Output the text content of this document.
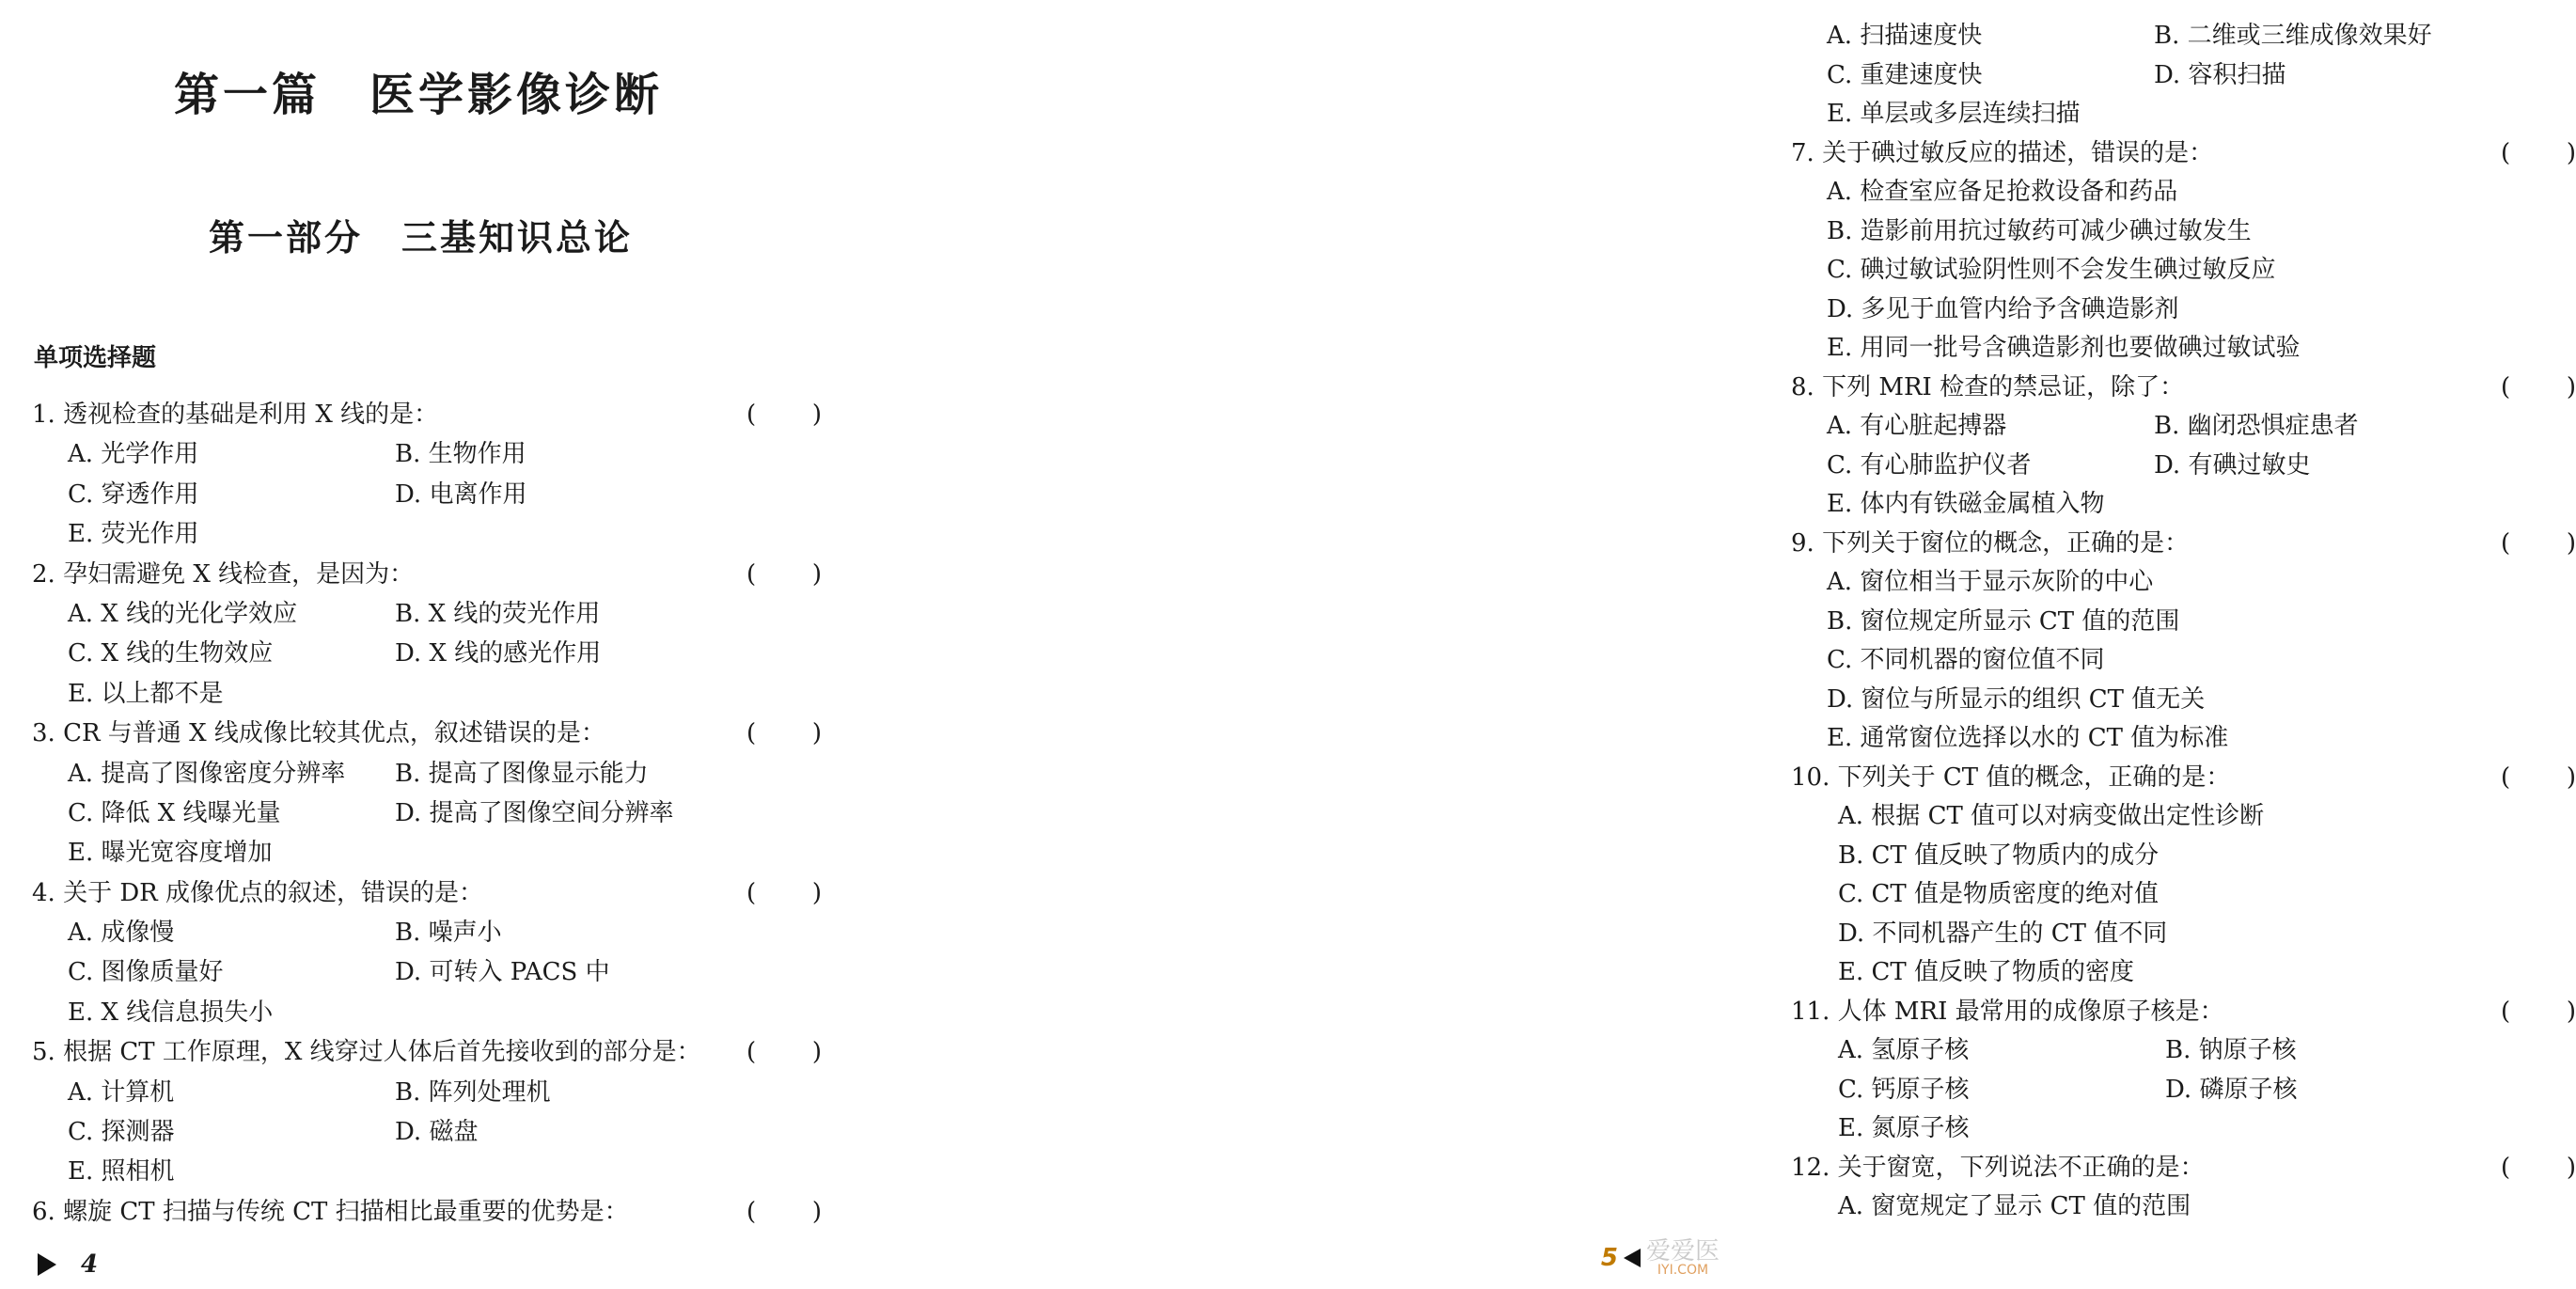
第一篇　医学影像诊断
第一部分　三基知识总论
单项选择题
1. 透视检查的基础是利用 X 线的是：	( )
A. 光学作用	B. 生物作用
C. 穿透作用	D. 电离作用
E. 荧光作用
2. 孕妇需避免 X 线检查，是因为：	( )
A. X 线的光化学效应	B. X 线的荧光作用
C. X 线的生物效应	D. X 线的感光作用
E. 以上都不是
3. CR 与普通 X 线成像比较其优点，叙述错误的是：	( )
A. 提高了图像密度分辨率	B. 提高了图像显示能力
C. 降低 X 线曝光量	D. 提高了图像空间分辨率
E. 曝光宽容度增加
4. 关于 DR 成像优点的叙述，错误的是：	( )
A. 成像慢	B. 噪声小
C. 图像质量好	D. 可转入 PACS 中
E. X 线信息损失小
5. 根据 CT 工作原理，X 线穿过人体后首先接收到的部分是：	( )
A. 计算机	B. 阵列处理机
C. 探测器	D. 磁盘
E. 照相机
6. 螺旋 CT 扫描与传统 CT 扫描相比最重要的优势是：	( )
4
A. 扫描速度快	B. 二维或三维成像效果好
C. 重建速度快	D. 容积扫描
E. 单层或多层连续扫描
7. 关于碘过敏反应的描述，错误的是：	( )
A. 检查室应备足抢救设备和药品
B. 造影前用抗过敏药可减少碘过敏发生
C. 碘过敏试验阴性则不会发生碘过敏反应
D. 多见于血管内给予含碘造影剂
E. 用同一批号含碘造影剂也要做碘过敏试验
8. 下列 MRI 检查的禁忌证，除了：	( )
A. 有心脏起搏器	B. 幽闭恐惧症患者
C. 有心肺监护仪者	D. 有碘过敏史
E. 体内有铁磁金属植入物
9. 下列关于窗位的概念，正确的是：	( )
A. 窗位相当于显示灰阶的中心
B. 窗位规定所显示 CT 值的范围
C. 不同机器的窗位值不同
D. 窗位与所显示的组织 CT 值无关
E. 通常窗位选择以水的 CT 值为标准
10. 下列关于 CT 值的概念，正确的是：	( )
A. 根据 CT 值可以对病变做出定性诊断
B. CT 值反映了物质内的成分
C. CT 值是物质密度的绝对值
D. 不同机器产生的 CT 值不同
E. CT 值反映了物质的密度
11. 人体 MRI 最常用的成像原子核是：	( )
A. 氢原子核	B. 钠原子核
C. 钙原子核	D. 磷原子核
E. 氮原子核
12. 关于窗宽，下列说法不正确的是：	( )
A. 窗宽规定了显示 CT 值的范围
5 爱爱医
IYI.COM
